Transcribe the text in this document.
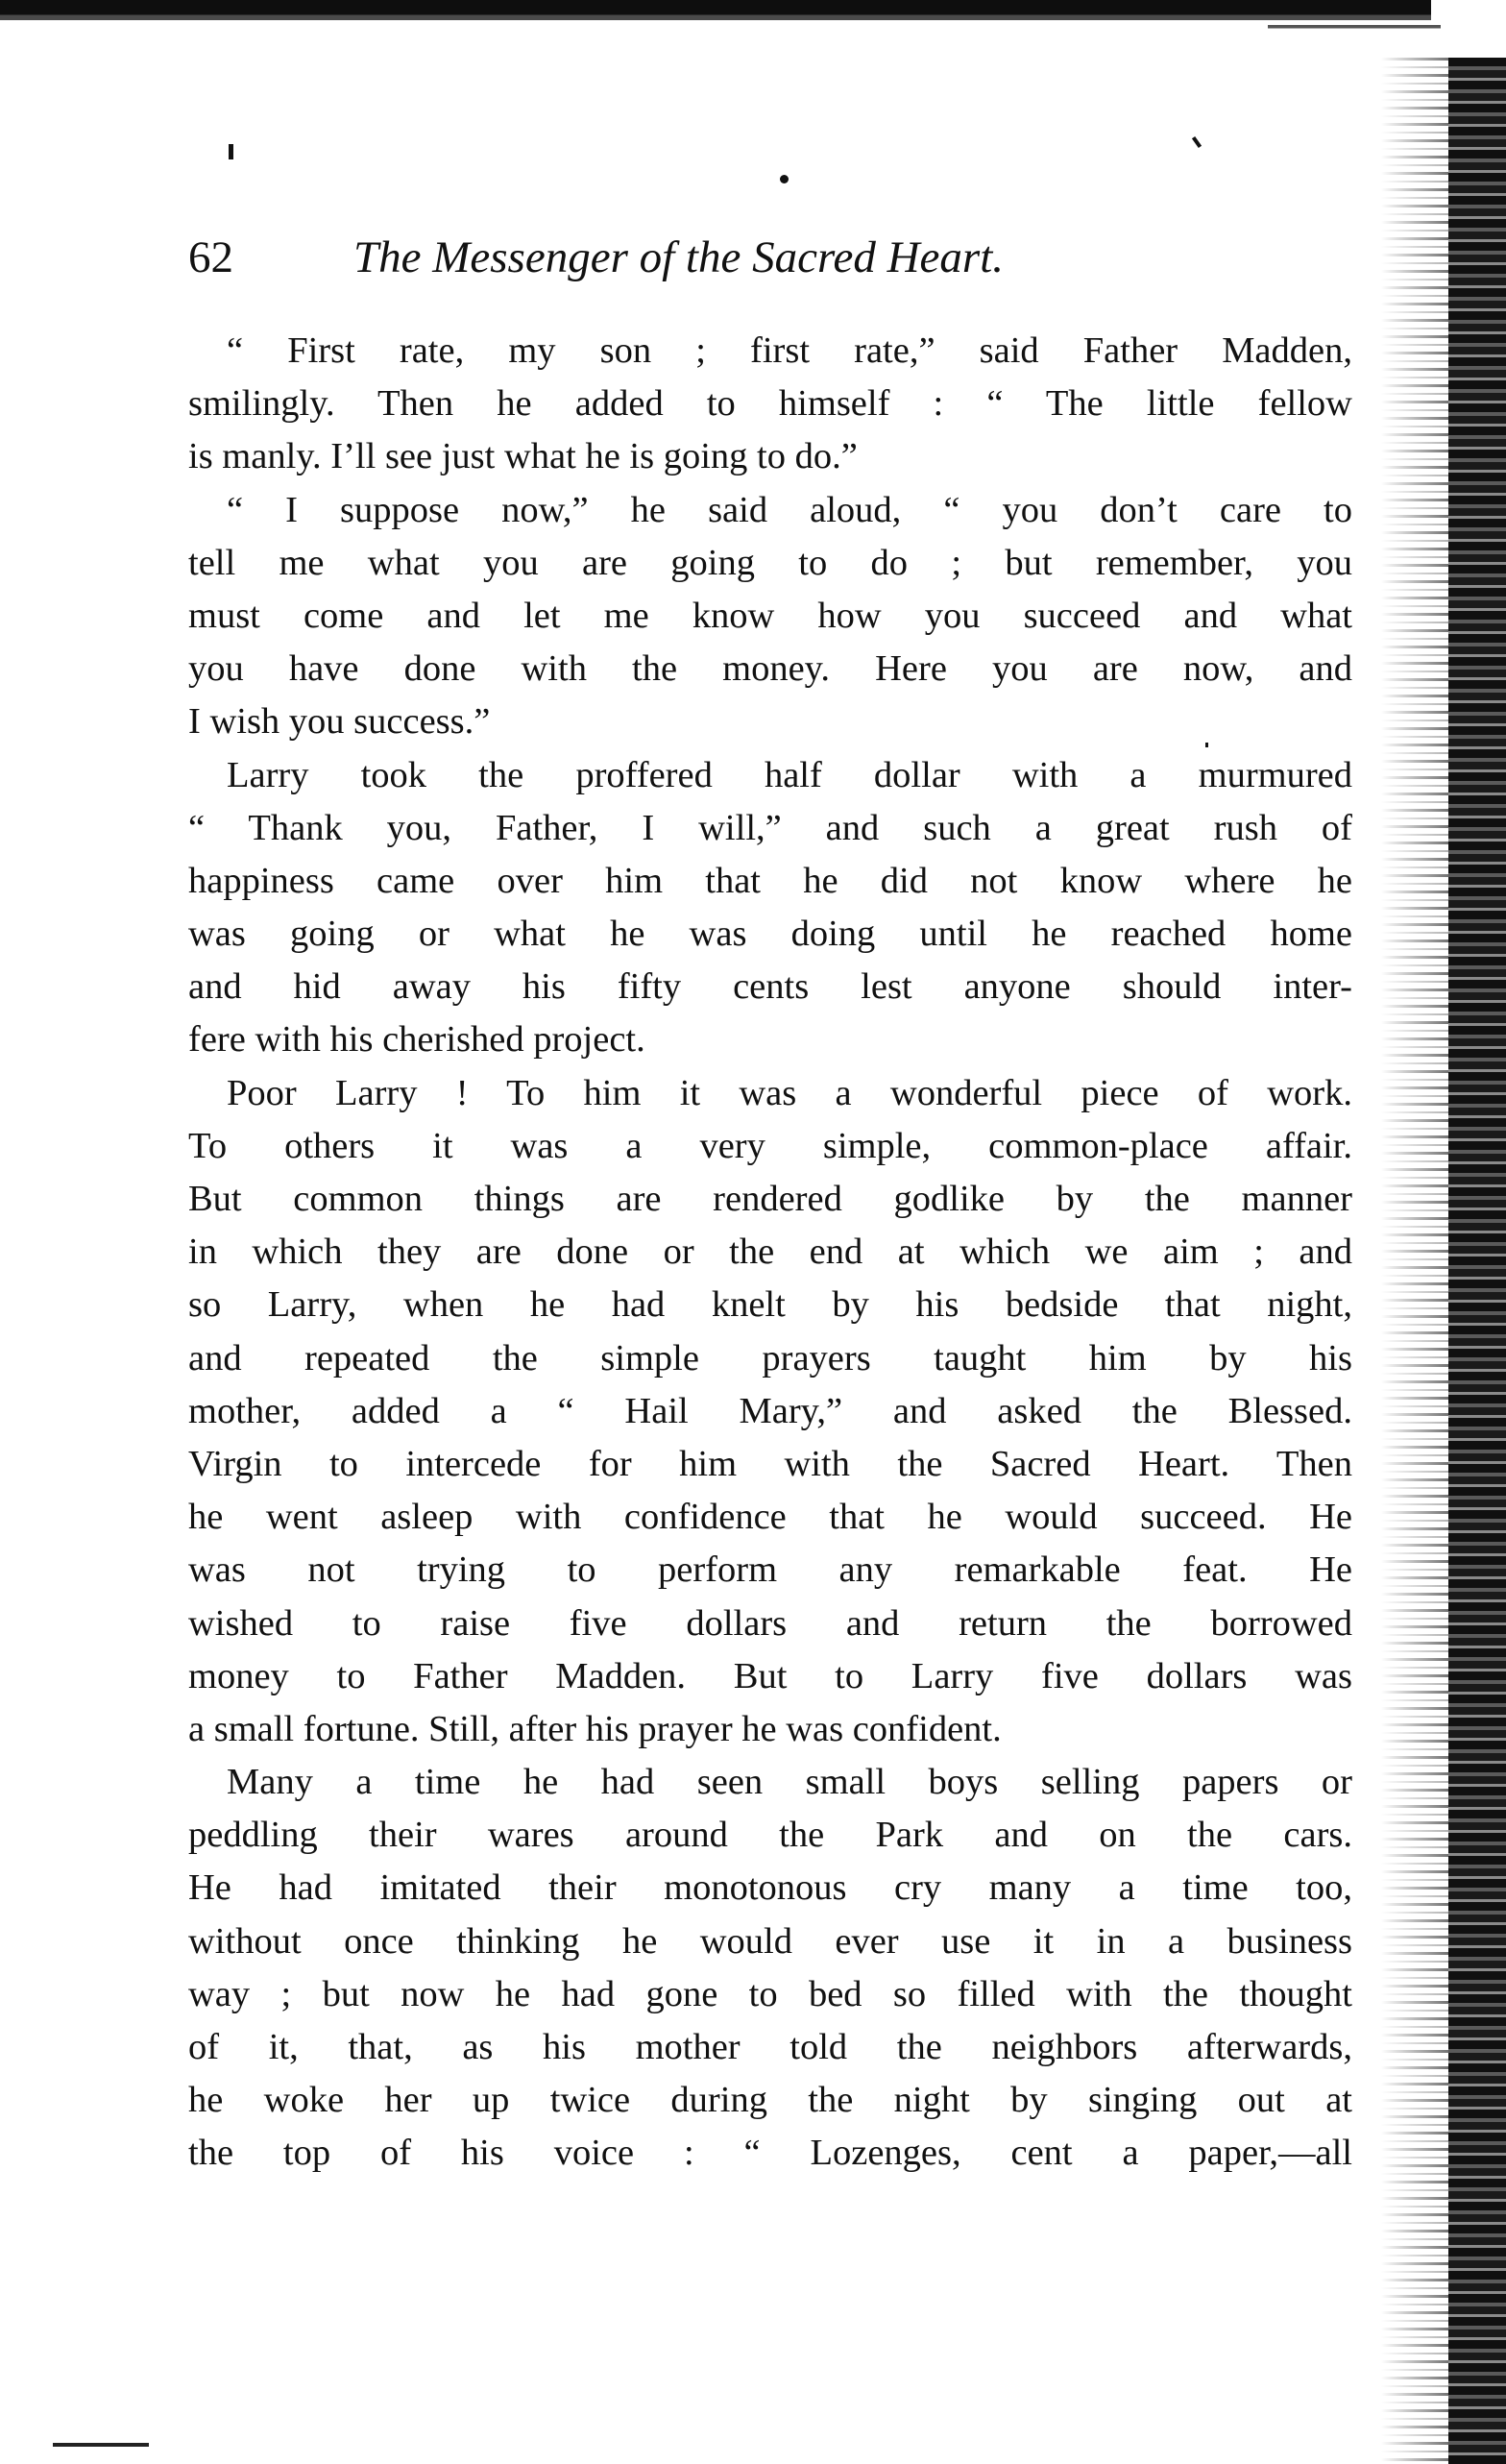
62	The Messenger of the Sacred Heart.
“ First rate, my son ; first rate,” said Father Madden,
smilingly. Then he added to himself : “ The little fellow
is manly. I’ll see just what he is going to do.”
“ I suppose now,” he said aloud, “ you don’t care to
tell me what you are going to do ; but remember, you
must come and let me know how you succeed and what
you have done with the money. Here you are now, and
I wish you success.”
Larry took the proffered half dollar with a murmured
“ Thank you, Father, I will,” and such a great rush of
happiness came over him that he did not know where he
was going or what he was doing until he reached home
and hid away his fifty cents lest anyone should inter-
fere with his cherished project.
Poor Larry ! To him it was a wonderful piece of work.
To others it was a very simple, common-place affair.
But common things are rendered godlike by the manner
in which they are done or the end at which we aim ; and
so Larry, when he had knelt by his bedside that night,
and repeated the simple prayers taught him by his
mother, added a “ Hail Mary,” and asked the Blessed.
Virgin to intercede for him with the Sacred Heart. Then
he went asleep with confidence that he would succeed. He
was not trying to perform any remarkable feat. He
wished to raise five dollars and return the borrowed
money to Father Madden. But to Larry five dollars was
a small fortune. Still, after his prayer he was confident.
Many a time he had seen small boys selling papers or
peddling their wares around the Park and on the cars.
He had imitated their monotonous cry many a time too,
without once thinking he would ever use it in a business
way ; but now he had gone to bed so filled with the thought
of it, that, as his mother told the neighbors afterwards,
he woke her up twice during the night by singing out at
the top of his voice : “ Lozenges, cent a paper,—all
